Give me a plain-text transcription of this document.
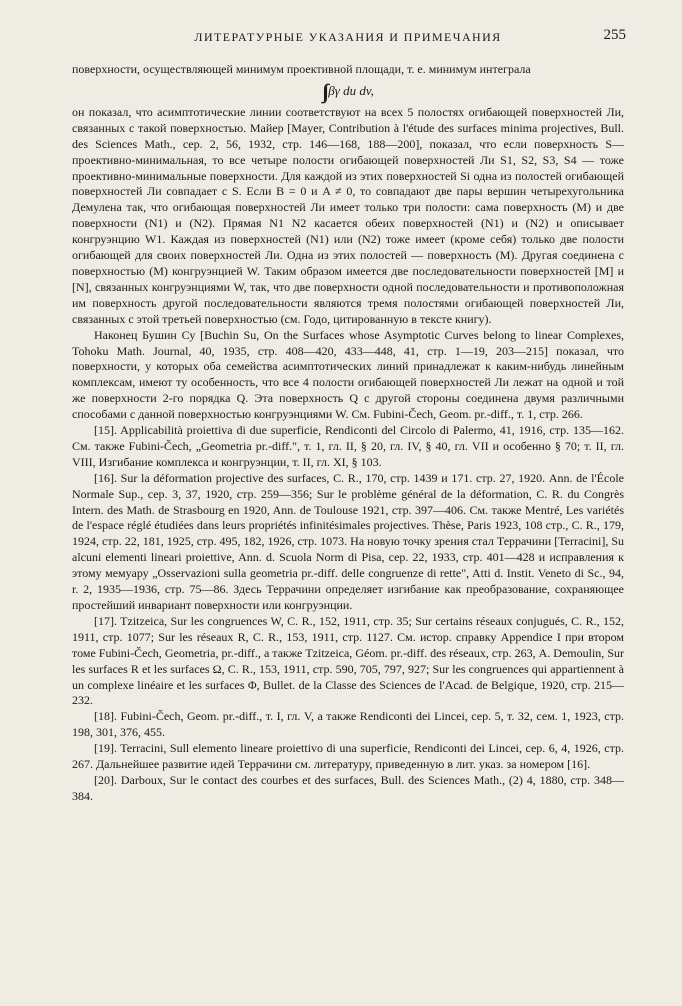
ЛИТЕРАТУРНЫЕ УКАЗАНИЯ И ПРИМЕЧАНИЯ	255

поверхности, осуществляющей минимум проективной площади, т. е. минимум интеграла

∫∫ βγ du dv,

он показал, что асимптотические линии соответствуют на всех 5 полостях огибающей поверхностей Ли, связанных с такой поверхностью. Майер [Mayer, Contribution à l'étude des surfaces minima projectives, Bull. des Sciences Math., сер. 2, 56, 1932, стр. 146—168, 188—200], показал, что если поверхность S—проективно-минимальная, то все четыре полости огибающей поверхностей Ли S1, S2, S3, S4 — тоже проективно-минимальные поверхности. Для каждой из этих поверхностей Si одна из полостей огибающей поверхностей Ли совпадает с S. Если B = 0 и A ≠ 0, то совпадают две пары вершин четырехугольника Демулена так, что огибающая поверхностей Ли имеет только три полости: сама поверхность (M) и две поверхности (N1) и (N2). Прямая N1 N2 касается обеих поверхностей (N1) и (N2) и описывает конгруэнцию W1. Каждая из поверхностей (N1) или (N2) тоже имеет (кроме себя) только две полости огибающей для своих поверхностей Ли. Одна из этих полостей — поверхность (M). Другая соединена с поверхностью (M) конгруэнцией W. Таким образом имеется две последовательности поверхностей [M] и [N], связанных конгруэнциями W, так, что две поверхности одной последовательности и противоположная им поверхность другой последовательности являются тремя полостями огибающей поверхностей Ли, связанных с этой третьей поверхностью (см. Годо, цитированную в тексте книгу).

Наконец Бушин Су [Buchin Su, On the Surfaces whose Asymptotic Curves belong to linear Complexes, Tohoku Math. Journal, 40, 1935, стр. 408—420, 433—448, 41, стр. 1—19, 203—215] показал, что поверхности, у которых оба семейства асимптотических линий принадлежат к каким-нибудь линейным комплексам, имеют ту особенность, что все 4 полости огибающей поверхностей Ли лежат на одной и той же поверхности 2-го порядка Q. Эта поверхность Q с другой стороны соединена двумя различными способами с данной поверхностью конгруэнциями W. См. Fubini-Čech, Geom. pr.-diff., т. 1, стр. 266.

[15]. Applicabilità proiettiva di due superficie, Rendiconti del Circolo di Palermo, 41, 1916, стр. 135—162. См. также Fubini-Čech, „Geometria pr.-diff.", т. 1, гл. II, § 20, гл. IV, § 40, гл. VII и особенно § 70; т. II, гл. VIII, Изгибание комплекса и конгруэнции, т. II, гл. XI, § 103.

[16]. Sur la déformation projective des surfaces, C. R., 170, стр. 1439 и 171. стр. 27, 1920. Ann. de l'École Normale Sup., сер. 3, 37, 1920, стр. 259—356; Sur le problème général de la déformation, C. R. du Congrès Intern. des Math. de Strasbourg en 1920, Ann. de Toulouse 1921, стр. 397—406. См. также Mentré, Les variétés de l'espace réglé étudiées dans leurs propriétés infinitésimales projectives. Thèse, Paris 1923, 108 стр., C. R., 179, 1924, стр. 22, 181, 1925, стр. 495, 182, 1926, стр. 1073. На новую точку зрения стал Террачини [Terracini], Su alcuni elementi lineari proiettive, Ann. d. Scuola Norm di Pisa, сер. 22, 1933, стр. 401—428 и исправления к этому мемуару „Osservazioni sulla geometria pr.-diff. delle congruenze di rette", Atti d. Instit. Veneto di Sc., 94, r. 2, 1935—1936, стр. 75—86. Здесь Террачини определяет изгибание как преобразование, сохраняющее простейший инвариант поверхности или конгруэнции.

[17]. Tzitzeica, Sur les congruences W, C. R., 152, 1911, стр. 35; Sur certains réseaux conjugués, C. R., 152, 1911, стр. 1077; Sur les réseaux R, C. R., 153, 1911, стр. 1127. См. истор. справку Appendice I при втором томе Fubini-Čech, Geometria, pr.-diff., а также Tzitzeica, Géom. pr.-diff. des réseaux, стр. 263, A. Demoulin, Sur les surfaces R et les surfaces Ω, C. R., 153, 1911, стр. 590, 705, 797, 927; Sur les congruences qui appartiennent à un complexe linéaire et les surfaces Φ, Bullet. de la Classe des Sciences de l'Acad. de Belgique, 1920, стр. 215—232.

[18]. Fubini-Čech, Geom. pr.-diff., т. I, гл. V, а также Rendiconti dei Lincei, сер. 5, т. 32, сем. 1, 1923, стр. 198, 301, 376, 455.

[19]. Terracini, Sull elemento lineare proiettivo di una superficie, Rendiconti dei Lincei, сер. 6, 4, 1926, стр. 267. Дальнейшее развитие идей Террачини см. литературу, приведенную в лит. указ. за номером [16].

[20]. Darboux, Sur le contact des courbes et des surfaces, Bull. des Sciences Math., (2) 4, 1880, стр. 348—384.
